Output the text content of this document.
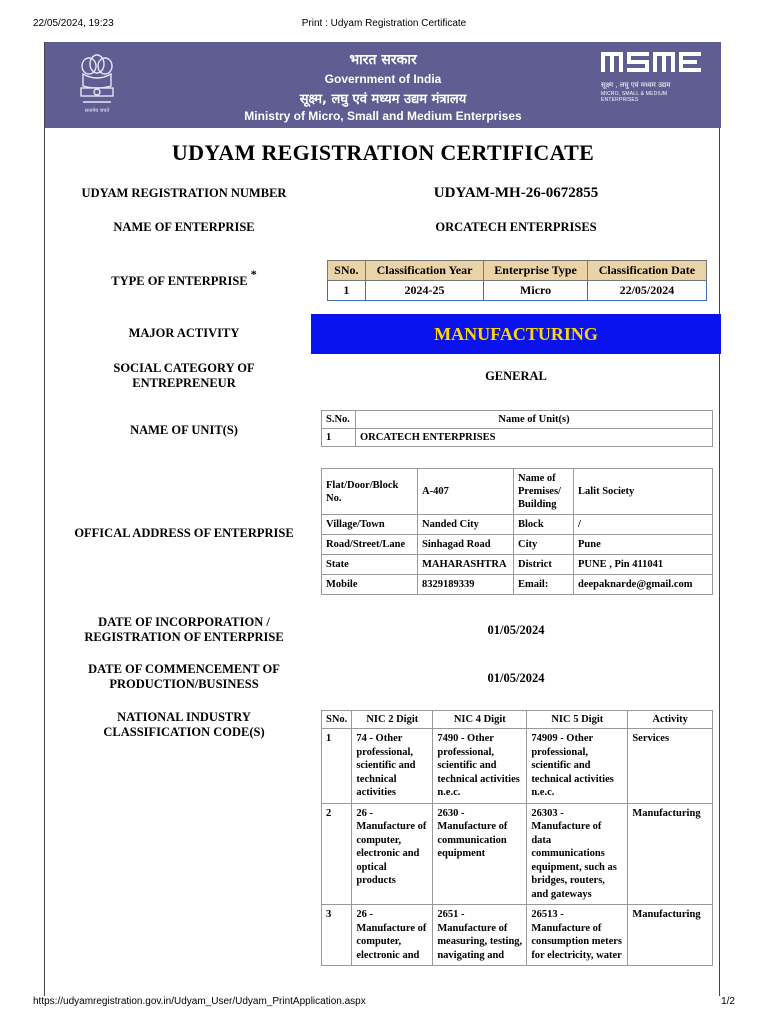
22/05/2024, 19:23	Print : Udyam Registration Certificate
सत्यमेव जयते
भारत सरकार
Government of India
सूक्ष्म, लघु एवं मध्यम उद्यम मंत्रालय
Ministry of Micro, Small and Medium Enterprises
सूक्ष्म , लघु एवं मध्यम उद्यम
MICRO, SMALL & MEDIUM ENTERPRISES
UDYAM REGISTRATION CERTIFICATE
UDYAM REGISTRATION NUMBER	UDYAM-MH-26-0672855
NAME OF ENTERPRISE	ORCATECH ENTERPRISES
TYPE OF ENTERPRISE *	SNo.	Classification Year	Enterprise Type	Classification Date
1	2024-25	Micro	22/05/2024
MAJOR ACTIVITY	MANUFACTURING
SOCIAL CATEGORY OF
ENTREPRENEUR	GENERAL
NAME OF UNIT(S)
S.No.	Name of Unit(s)
1	ORCATECH ENTERPRISES
OFFICAL ADDRESS OF ENTERPRISE
Flat/Door/Block No.	A-407	Name of Premises/ Building	Lalit Society
Village/Town	Nanded City	Block	/
Road/Street/Lane	Sinhagad Road	City	Pune
State	MAHARASHTRA	District	PUNE , Pin 411041
Mobile	8329189339	Email:	deepaknarde@gmail.com
DATE OF INCORPORATION /
REGISTRATION OF ENTERPRISE	01/05/2024
DATE OF COMMENCEMENT OF
PRODUCTION/BUSINESS	01/05/2024
NATIONAL INDUSTRY
CLASSIFICATION CODE(S)
SNo.	NIC 2 Digit	NIC 4 Digit	NIC 5 Digit	Activity
1	74 - Other professional, scientific and technical activities	7490 - Other professional, scientific and technical activities n.e.c.	74909 - Other professional, scientific and technical activities n.e.c.	Services
2	26 - Manufacture of computer, electronic and optical products	2630 - Manufacture of communication equipment	26303 - Manufacture of data communications equipment, such as bridges, routers, and gateways	Manufacturing
3	26 - Manufacture of computer, electronic and	2651 - Manufacture of measuring, testing, navigating and	26513 - Manufacture of consumption meters for electricity, water	Manufacturing
https://udyamregistration.gov.in/Udyam_User/Udyam_PrintApplication.aspx	1/2
